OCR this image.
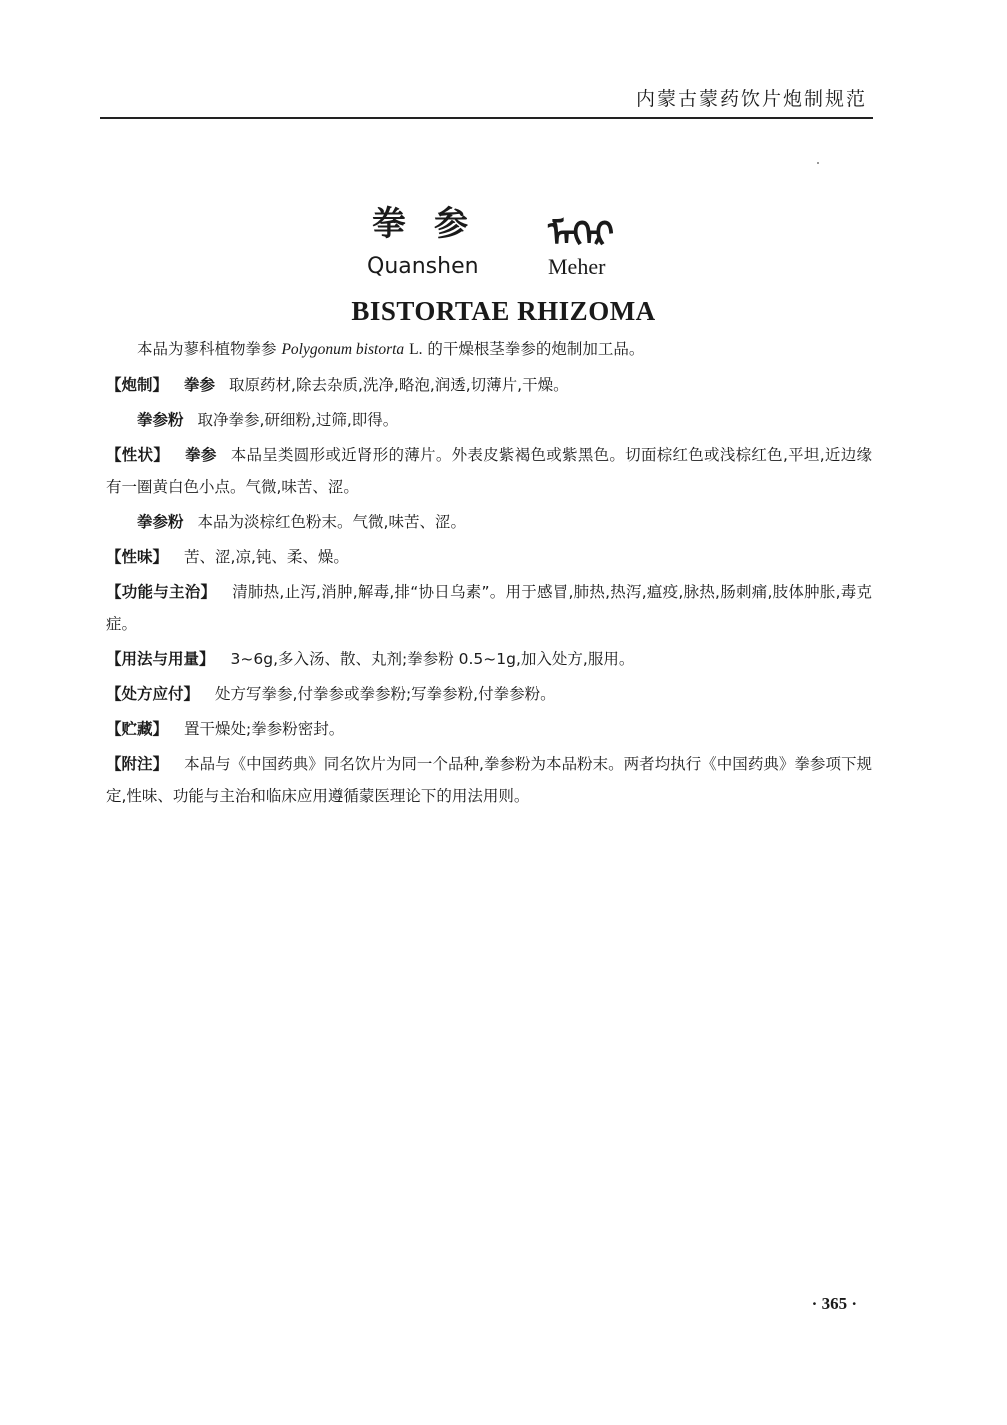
内蒙古蒙药饮片炮制规范
拳参 ᠮᠡᠬᠡᠷ
Quanshen	Meher
BISTORTAE RHIZOMA

本品为蓼科植物拳参 Polygonum bistorta L. 的干燥根茎拳参的炮制加工品。

【炮制】 拳参 取原药材,除去杂质,洗净,略泡,润透,切薄片,干燥。

拳参粉 取净拳参,研细粉,过筛,即得。

【性状】 拳参 本品呈类圆形或近肾形的薄片。外表皮紫褐色或紫黑色。切面棕红色或浅棕红色,平坦,近边缘有一圈黄白色小点。气微,味苦、涩。

拳参粉 本品为淡棕红色粉末。气微,味苦、涩。

【性味】 苦、涩,凉,钝、柔、燥。

【功能与主治】 清肺热,止泻,消肿,解毒,排“协日乌素”。用于感冒,肺热,热泻,瘟疫,脉热,肠刺痛,肢体肿胀,毒克症。

【用法与用量】 3~6g,多入汤、散、丸剂;拳参粉 0.5~1g,加入处方,服用。

【处方应付】 处方写拳参,付拳参或拳参粉;写拳参粉,付拳参粉。

【贮藏】 置干燥处;拳参粉密封。

【附注】 本品与《中国药典》同名饮片为同一个品种,拳参粉为本品粉末。两者均执行《中国药典》拳参项下规定,性味、功能与主治和临床应用遵循蒙医理论下的用法用则。

· 365 ·
